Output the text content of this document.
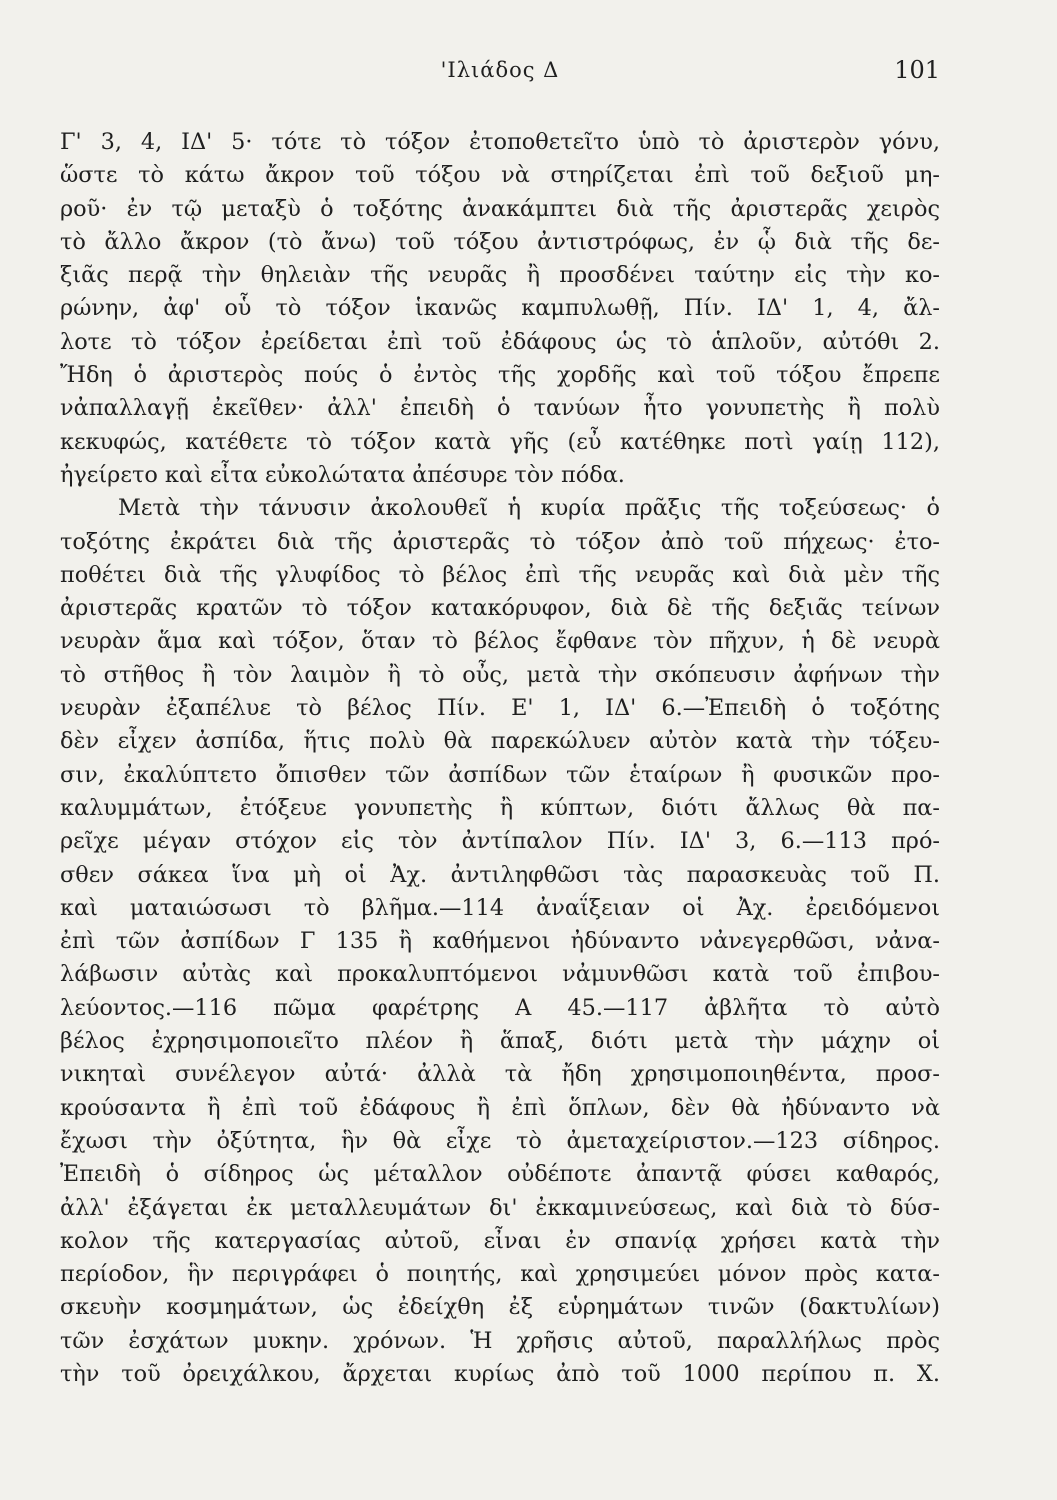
'Ιλιάδος Δ	101
Γ' 3, 4, ΙΔ' 5· τότε τὸ τόξον ἐτοποθετεῖτο ὑπὸ τὸ ἀριστερὸν γόνυ,
ὥστε τὸ κάτω ἄκρον τοῦ τόξου νὰ στηρίζεται ἐπὶ τοῦ δεξιοῦ μη-
ροῦ· ἐν τῷ μεταξὺ ὁ τοξότης ἀνακάμπτει διὰ τῆς ἀριστερᾶς χειρὸς
τὸ ἄλλο ἄκρον (τὸ ἄνω) τοῦ τόξου ἀντιστρόφως, ἐν ᾧ διὰ τῆς δε-
ξιᾶς περᾷ τὴν θηλειὰν τῆς νευρᾶς ἢ προσδένει ταύτην εἰς τὴν κο-
ρώνην, ἀφ' οὗ τὸ τόξον ἱκανῶς καμπυλωθῇ, Πίν. ΙΔ' 1, 4, ἄλ-
λοτε τὸ τόξον ἐρείδεται ἐπὶ τοῦ ἐδάφους ὡς τὸ ἁπλοῦν, αὐτόθι 2.
Ἤδη ὁ ἀριστερὸς πούς ὁ ἐντὸς τῆς χορδῆς καὶ τοῦ τόξου ἔπρεπε
νἀπαλλαγῇ ἐκεῖθεν· ἀλλ' ἐπειδὴ ὁ τανύων ἦτο γονυπετὴς ἢ πολὺ
κεκυφώς, κατέθετε τὸ τόξον κατὰ γῆς (εὖ κατέθηκε ποτὶ γαίῃ 112),
ἠγείρετο καὶ εἶτα εὐκολώτατα ἀπέσυρε τὸν πόδα.
Μετὰ τὴν τάνυσιν ἀκολουθεῖ ἡ κυρία πρᾶξις τῆς τοξεύσεως· ὁ
τοξότης ἐκράτει διὰ τῆς ἀριστερᾶς τὸ τόξον ἀπὸ τοῦ πήχεως· ἐτο-
ποθέτει διὰ τῆς γλυφίδος τὸ βέλος ἐπὶ τῆς νευρᾶς καὶ διὰ μὲν τῆς
ἀριστερᾶς κρατῶν τὸ τόξον κατακόρυφον, διὰ δὲ τῆς δεξιᾶς τείνων
νευρὰν ἅμα καὶ τόξον, ὅταν τὸ βέλος ἔφθανε τὸν πῆχυν, ἡ δὲ νευρὰ
τὸ στῆθος ἢ τὸν λαιμὸν ἢ τὸ οὖς, μετὰ τὴν σκόπευσιν ἀφήνων τὴν
νευρὰν ἐξαπέλυε τὸ βέλος Πίν. Ε' 1, ΙΔ' 6.—Ἐπειδὴ ὁ τοξότης
δὲν εἶχεν ἀσπίδα, ἥτις πολὺ θὰ παρεκώλυεν αὐτὸν κατὰ τὴν τόξευ-
σιν, ἐκαλύπτετο ὄπισθεν τῶν ἀσπίδων τῶν ἑταίρων ἢ φυσικῶν προ-
καλυμμάτων, ἐτόξευε γονυπετὴς ἢ κύπτων, διότι ἄλλως θὰ πα-
ρεῖχε μέγαν στόχον εἰς τὸν ἀντίπαλον Πίν. ΙΔ' 3, 6.—113 πρό-
σθεν σάκεα ἵνα μὴ οἱ Ἀχ. ἀντιληφθῶσι τὰς παρασκευὰς τοῦ Π.
καὶ ματαιώσωσι τὸ βλῆμα.—114 ἀναΐξειαν οἱ Ἀχ. ἐρειδόμενοι
ἐπὶ τῶν ἀσπίδων Γ 135 ἢ καθήμενοι ἠδύναντο νἀνεγερθῶσι, νἀνα-
λάβωσιν αὐτὰς καὶ προκαλυπτόμενοι νἀμυνθῶσι κατὰ τοῦ ἐπιβου-
λεύοντος.—116 πῶμα φαρέτρης Α 45.—117 ἀβλῆτα τὸ αὐτὸ
βέλος ἐχρησιμοποιεῖτο πλέον ἢ ἅπαξ, διότι μετὰ τὴν μάχην οἱ
νικηταὶ συνέλεγον αὐτά· ἀλλὰ τὰ ἤδη χρησιμοποιηθέντα, προσ-
κρούσαντα ἢ ἐπὶ τοῦ ἐδάφους ἢ ἐπὶ ὅπλων, δὲν θὰ ἠδύναντο νὰ
ἔχωσι τὴν ὀξύτητα, ἣν θὰ εἶχε τὸ ἀμεταχείριστον.—123 σίδηρος.
Ἐπειδὴ ὁ σίδηρος ὡς μέταλλον οὐδέποτε ἀπαντᾷ φύσει καθαρός,
ἀλλ' ἐξάγεται ἐκ μεταλλευμάτων δι' ἐκκαμινεύσεως, καὶ διὰ τὸ δύσ-
κολον τῆς κατεργασίας αὐτοῦ, εἶναι ἐν σπανίᾳ χρήσει κατὰ τὴν
περίοδον, ἣν περιγράφει ὁ ποιητής, καὶ χρησιμεύει μόνον πρὸς κατα-
σκευὴν κοσμημάτων, ὡς ἐδείχθη ἐξ εὑρημάτων τινῶν (δακτυλίων)
τῶν ἐσχάτων μυκην. χρόνων. Ἡ χρῆσις αὐτοῦ, παραλλήλως πρὸς
τὴν τοῦ ὀρειχάλκου, ἄρχεται κυρίως ἀπὸ τοῦ 1000 περίπου π. Χ.
